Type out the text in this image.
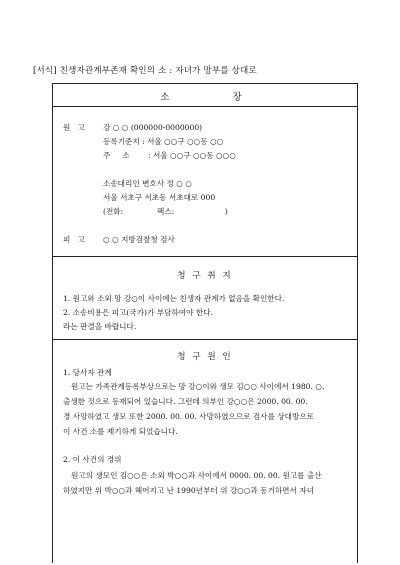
[서식] 친생자관계부존재 확인의 소 : 자녀가 망부를 상대로
소     장
원   고 강 ○ ○ (000000-0000000)
등록기준지 : 서울 ○○구 ○○동 ○○
주     소 : 서울 ○○구 ○○동 ○○○
소송대리인 변호사 정 ○ ○
서울 서초구 서초동 서초대로 000
(전화:              팩스:                     )
피   고 ○ ○ 지방검찰청 검사
청 구 취 지
1. 원고와 소외 망 강○이 사이에는 친생자 관계가 없음을 확인한다.
2. 소송비용은 피고(국가)가 부담하여야 한다.
라는 판결을 바랍니다.
청 구 원 인
1. 당사자 관계
원고는 가족관계등록부상으로는 망 강○이와 생모 김○○ 사이에서 1980. ○.
출생한 것으로 등재되어 있습니다. 그런데 의부인 강○○은 2000. 00. 00.
경 사망하였고 생모 또한 2000. 00. 00. 사망하였으므로 검사를 상대방으로
이 사건 소를 제기하게 되었습니다.
2. 이 사건의 경위
원고의 생모인 김○○은 소외 박○○과 사이에서 0000. 00. 00. 원고를 출산
하였지만 위 박○○과 헤어지고 난 1990년부터 위 강○○과 동거하면서 자녀
